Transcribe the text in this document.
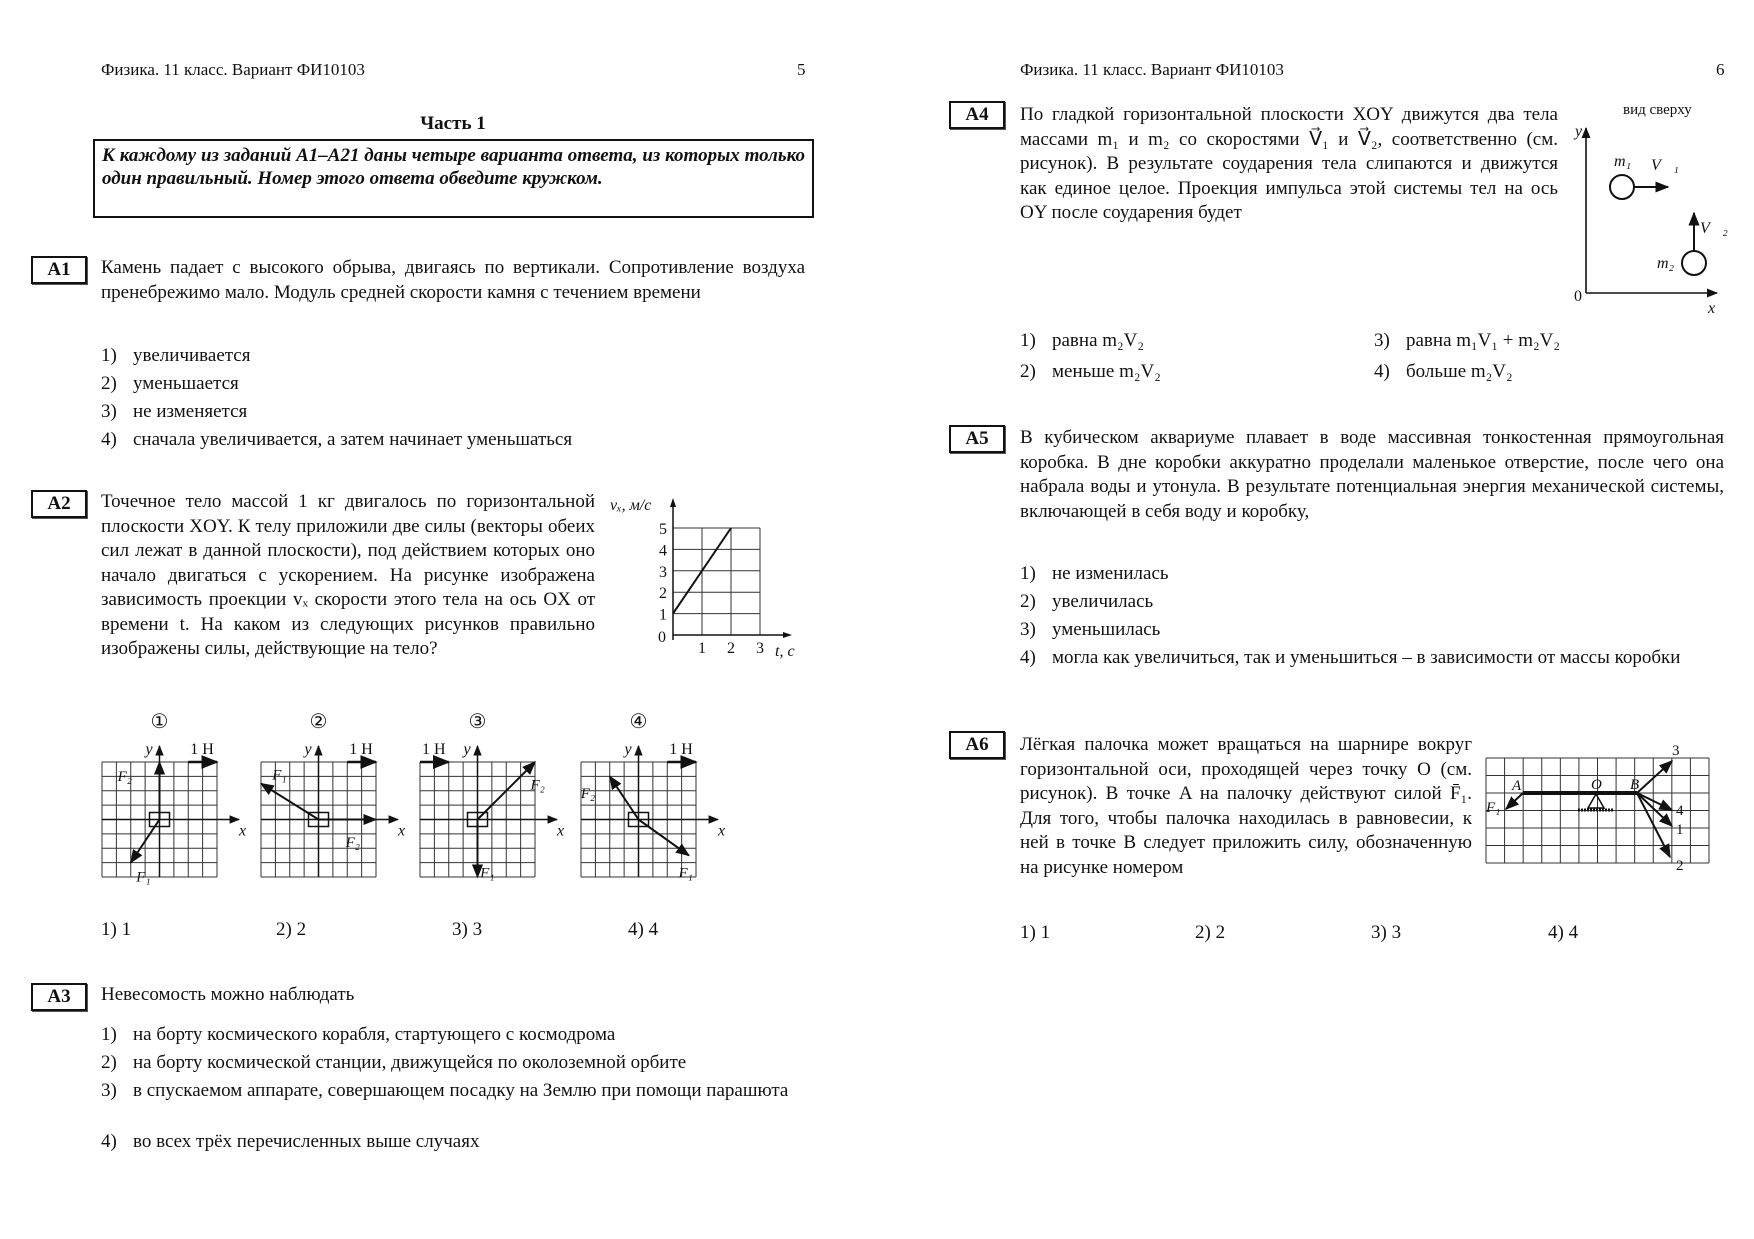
Физика. 11 класс. Вариант ФИ10103	5
Часть 1
К каждому из заданий А1–А21 даны четыре варианта ответа, из которых только один правильный. Номер этого ответа обведите кружком.
А1	Камень падает с высокого обрыва, двигаясь по вертикали. Сопротивление воздуха пренебрежимо мало. Модуль средней скорости камня с течением времени
1) увеличивается
2) уменьшается
3) не изменяется
4) сначала увеличивается, а затем начинает уменьшаться
А2	Точечное тело массой 1 кг двигалось по горизонтальной плоскости XOY. К телу приложили две силы (векторы обеих сил лежат в данной плоскости), под действием которых оно начало двигаться с ускорением. На рисунке изображена зависимость проекции vₓ скорости этого тела на ось OX от времени t. На каком из следующих рисунков правильно изображены силы, действующие на тело?
vₓ, м/с
t, с
0
1 2 3
1
2
3
4
5
F₁
F₂
①
y
x
1 Н
F₁
F₂
②
y
x
1 Н
F₁
F₂
③
y
x
1 Н
F₁
F₂
④
y
x
1 Н
вид сверху
y
x
0
m₁ V⃗₁
m₂
V⃗₂
A	O B
F₁
3
4
1
2
1) 1	2) 2	3) 3	4) 4
А3	Невесомость можно наблюдать
1) на борту космического корабля, стартующего с космодрома
2) на борту космической станции, движущейся по околоземной орбите
3) в спускаемом аппарате, совершающем посадку на Землю при помощи парашюта
4) во всех трёх перечисленных выше случаях
Физика. 11 класс. Вариант ФИ10103	6
А4	По гладкой горизонтальной плоскости XOY движутся два тела массами m₁ и m₂ со скоростями V⃗₁ и V⃗₂, соответственно (см. рисунок). В результате соударения тела слипаются и движутся как единое целое. Проекция импульса этой системы тел на ось OY после соударения будет
1) равна m₂V₂
2) меньше m₂V₂
3) равна m₁V₁ + m₂V₂
4) больше m₂V₂
А5	В кубическом аквариуме плавает в воде массивная тонкостенная прямоугольная коробка. В дне коробки аккуратно проделали маленькое отверстие, после чего она набрала воды и утонула. В результате потенциальная энергия механической системы, включающей в себя воду и коробку,
1) не изменилась
2) увеличилась
3) уменьшилась
4) могла как увеличиться, так и уменьшиться – в зависимости от массы коробки
А6	Лёгкая палочка может вращаться на шарнире вокруг горизонтальной оси, проходящей через точку O (см. рисунок). В точке A на палочку действуют силой F̄₁. Для того, чтобы палочка находилась в равновесии, к ней в точке B следует приложить силу, обозначенную на рисунке номером
1) 1	2) 2	3) 3	4) 4
